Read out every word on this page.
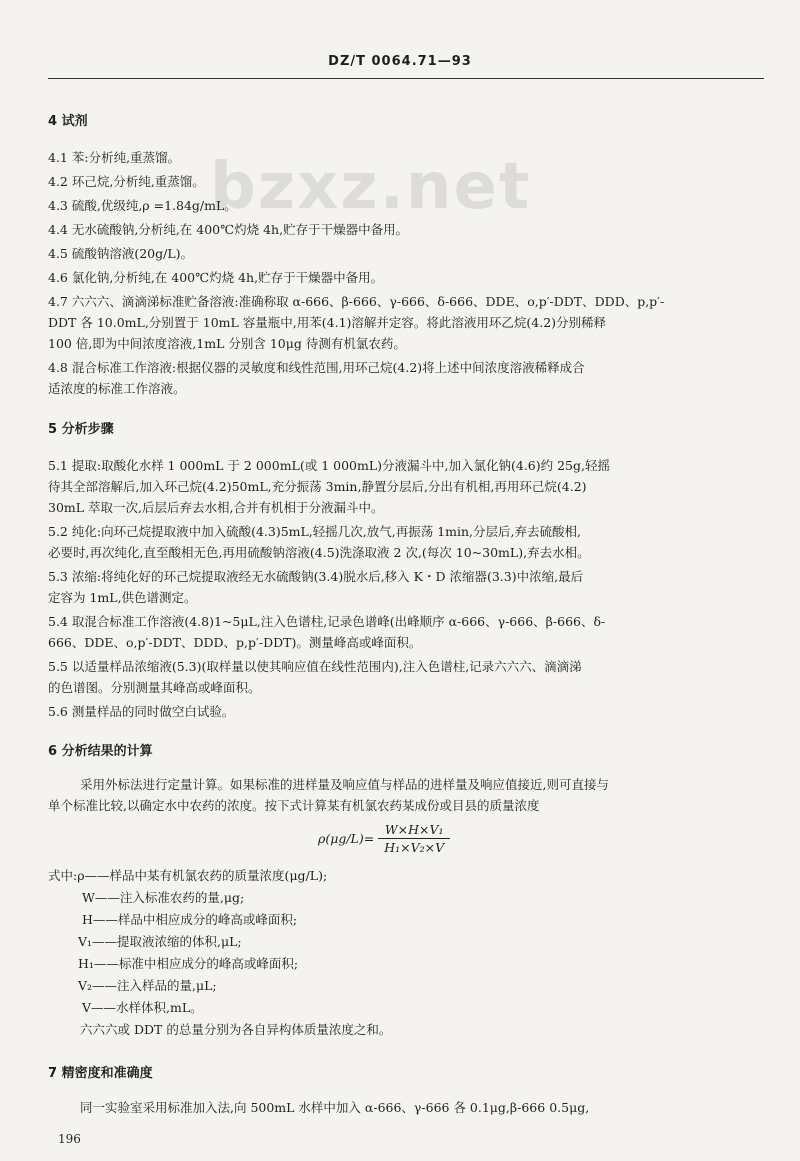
DZ/T 0064.71—93
bzxz.net
4 试剂
4.1 苯:分析纯,重蒸馏。
4.2 环己烷,分析纯,重蒸馏。
4.3 硫酸,优级纯,ρ =1.84g/mL。
4.4 无水硫酸钠,分析纯,在 400℃灼烧 4h,贮存于干燥器中备用。
4.5 硫酸钠溶液(20g/L)。
4.6 氯化钠,分析纯,在 400℃灼烧 4h,贮存于干燥器中备用。
4.7 六六六、滴滴涕标准贮备溶液:准确称取 α-666、β-666、γ-666、δ-666、DDE、o,p′-DDT、DDD、p,p′-
DDT 各 10.0mL,分别置于 10mL 容量瓶中,用苯(4.1)溶解并定容。将此溶液用环乙烷(4.2)分别稀释
100 倍,即为中间浓度溶液,1mL 分别含 10μg 待测有机氯农药。
4.8 混合标准工作溶液:根据仪器的灵敏度和线性范围,用环己烷(4.2)将上述中间浓度溶液稀释成合
适浓度的标准工作溶液。
5 分析步骤
5.1 提取:取酸化水样 1 000mL 于 2 000mL(或 1 000mL)分液漏斗中,加入氯化钠(4.6)约 25g,轻摇
待其全部溶解后,加入环己烷(4.2)50mL,充分振荡 3min,静置分层后,分出有机相,再用环己烷(4.2)
30mL 萃取一次,后层后弃去水相,合并有机相于分液漏斗中。
5.2 纯化:向环己烷提取液中加入硫酸(4.3)5mL,轻摇几次,放气,再振荡 1min,分层后,弃去硫酸相,
必要时,再次纯化,直至酸相无色,再用硫酸钠溶液(4.5)洗涤取液 2 次,(每次 10~30mL),弃去水相。
5.3 浓缩:将纯化好的环己烷提取液经无水硫酸钠(3.4)脱水后,移入 K・D 浓缩器(3.3)中浓缩,最后
定容为 1mL,供色谱测定。
5.4 取混合标准工作溶液(4.8)1~5μL,注入色谱柱,记录色谱峰(出峰顺序 α-666、γ-666、β-666、δ-
666、DDE、o,p′-DDT、DDD、p,p′-DDT)。测量峰高或峰面积。
5.5 以适量样品浓缩液(5.3)(取样量以使其响应值在线性范围内),注入色谱柱,记录六六六、滴滴涕
的色谱图。分别测量其峰高或峰面积。
5.6 测量样品的同时做空白试验。
6 分析结果的计算
采用外标法进行定量计算。如果标准的进样量及响应值与样品的进样量及响应值接近,则可直接与
单个标准比较,以确定水中农药的浓度。按下式计算某有机氯农药某成份或目县的质量浓度
$\rho(\mu g/L)= \frac{\text{W×H×V₁}}{\text{H₁×V₂×V}}$
式中:ρ——样品中某有机氯农药的质量浓度(μg/L);
W——注入标准农药的量,μg;
H——样品中相应成分的峰高或峰面积;
V₁——提取液浓缩的体积,μL;
H₁——标准中相应成分的峰高或峰面积;
V₂——注入样品的量,μL;
V——水样体积,mL。
六六六或 DDT 的总量分别为各自异构体质量浓度之和。
7 精密度和准确度
同一实验室采用标准加入法,向 500mL 水样中加入 α-666、γ-666 各 0.1μg,β-666 0.5μg,
196
